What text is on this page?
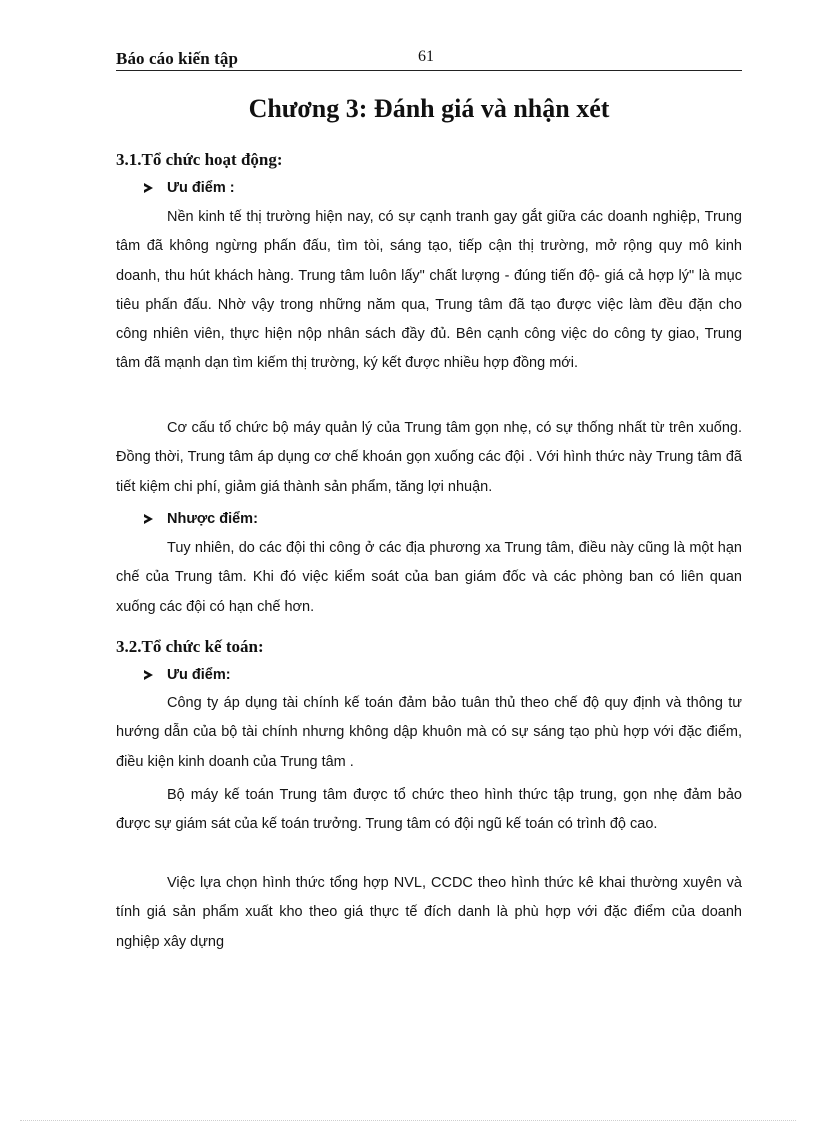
Báo cáo kiến tập	61
Chương 3: Đánh giá và nhận xét
3.1.Tổ chức hoạt động:
Ưu điểm :

Nền kinh tế thị trường hiện nay, có sự cạnh tranh gay gắt giữa các doanh nghiệp, Trung tâm đã không ngừng phấn đấu, tìm tòi, sáng tạo, tiếp cận thị trường, mở rộng quy mô kinh doanh, thu hút khách hàng. Trung tâm luôn lấy" chất lượng - đúng tiến độ- giá cả hợp lý" là mục tiêu phấn đấu. Nhờ vậy trong những năm qua, Trung tâm đã tạo được việc làm đều đặn cho công nhiên viên, thực hiện nộp nhân sách đầy đủ. Bên cạnh công việc do công ty giao, Trung tâm đã mạnh dạn tìm kiếm thị trường, ký kết được nhiều hợp đồng mới.

Cơ cấu tổ chức bộ máy quản lý của Trung tâm gọn nhẹ, có sự thống nhất từ trên xuống. Đồng thời, Trung tâm áp dụng cơ chế khoán gọn xuống các đội . Với hình thức này Trung tâm đã tiết kiệm chi phí, giảm giá thành sản phẩm, tăng lợi nhuận.

Nhược điểm:

Tuy nhiên, do các đội thi công ở các địa phương xa Trung tâm, điều này cũng là một hạn chế của Trung tâm. Khi đó việc kiểm soát của ban giám đốc và các phòng ban có liên quan xuống các đội có hạn chế hơn.

3.2.Tổ chức kế toán:
Ưu điểm:

Công ty áp dụng tài chính kế toán đảm bảo tuân thủ theo chế độ quy định và thông tư hướng dẫn của bộ tài chính nhưng không dập khuôn mà có sự sáng tạo phù hợp với đặc điểm, điều kiện kinh doanh của Trung tâm .

Bộ máy kế toán Trung tâm được tổ chức theo hình thức tập trung, gọn nhẹ đảm bảo được sự giám sát của kế toán trưởng. Trung tâm có đội ngũ kế toán có trình độ cao.

Việc lựa chọn hình thức tổng hợp NVL, CCDC theo hình thức kê khai thường xuyên và tính giá sản phẩm xuất kho theo giá thực tế đích danh là phù hợp với đặc điểm của doanh nghiệp xây dựng
